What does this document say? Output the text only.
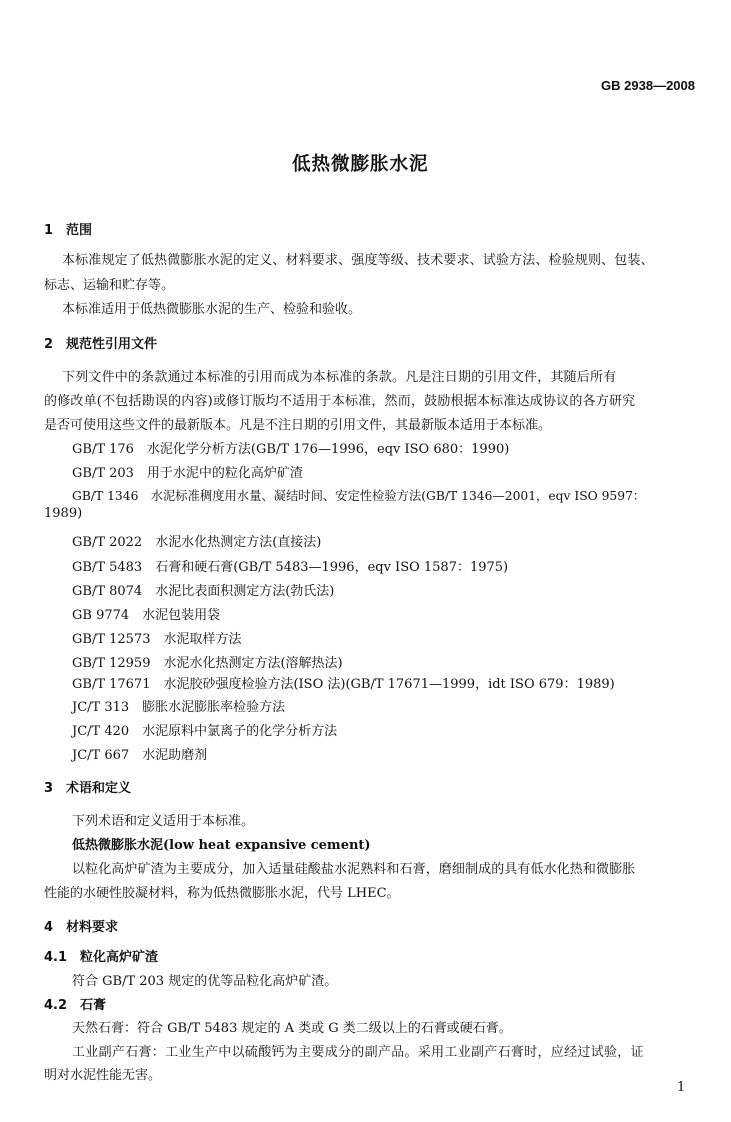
GB 2938—2008
低热微膨胀水泥
1　范围
本标准规定了低热微膨胀水泥的定义、材料要求、强度等级、技术要求、试验方法、检验规则、包装、
标志、运输和贮存等。
本标准适用于低热微膨胀水泥的生产、检验和验收。
2　规范性引用文件
下列文件中的条款通过本标准的引用而成为本标准的条款。凡是注日期的引用文件，其随后所有
的修改单(不包括勘误的内容)或修订版均不适用于本标准，然而，鼓励根据本标准达成协议的各方研究
是否可使用这些文件的最新版本。凡是不注日期的引用文件，其最新版本适用于本标准。
GB/T 176　水泥化学分析方法(GB/T 176—1996，eqv ISO 680：1990)
GB/T 203　用于水泥中的粒化高炉矿渣
GB/T 1346　水泥标准稠度用水量、凝结时间、安定性检验方法(GB/T 1346—2001，eqv ISO 9597：
1989)
GB/T 2022　水泥水化热测定方法(直接法)
GB/T 5483　石膏和硬石膏(GB/T 5483—1996，eqv ISO 1587：1975)
GB/T 8074　水泥比表面积测定方法(勃氏法)
GB 9774　水泥包装用袋
GB/T 12573　水泥取样方法
GB/T 12959　水泥水化热测定方法(溶解热法)
GB/T 17671　水泥胶砂强度检验方法(ISO 法)(GB/T 17671—1999，idt ISO 679：1989)
JC/T 313　膨胀水泥膨胀率检验方法
JC/T 420　水泥原料中氯离子的化学分析方法
JC/T 667　水泥助磨剂
3　术语和定义
下列术语和定义适用于本标准。
低热微膨胀水泥(low heat expansive cement)
以粒化高炉矿渣为主要成分，加入适量硅酸盐水泥熟料和石膏，磨细制成的具有低水化热和微膨胀
性能的水硬性胶凝材料，称为低热微膨胀水泥，代号 LHEC。
4　材料要求
4.1　粒化高炉矿渣
符合 GB/T 203 规定的优等品粒化高炉矿渣。
4.2　石膏
天然石膏：符合 GB/T 5483 规定的 A 类或 G 类二级以上的石膏或硬石膏。
工业副产石膏：工业生产中以硫酸钙为主要成分的副产品。采用工业副产石膏时，应经过试验，证
明对水泥性能无害。
1
